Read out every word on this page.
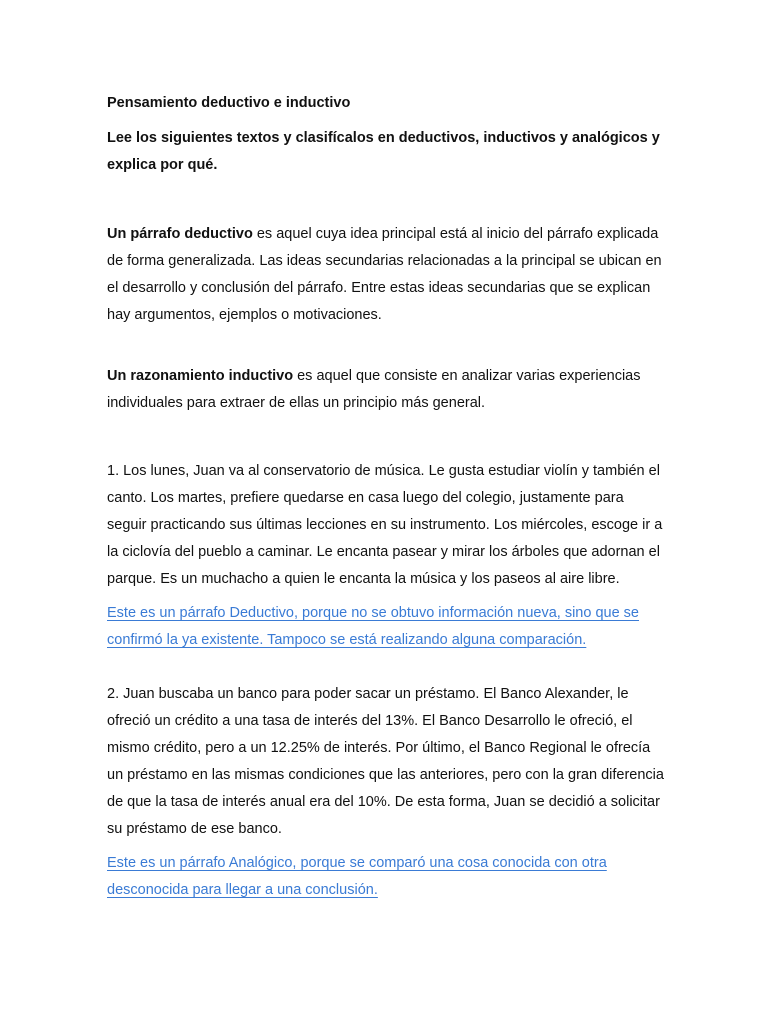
Pensamiento deductivo e inductivo

Lee los siguientes textos y clasifícalos en deductivos, inductivos y analógicos y explica por qué.

Un párrafo deductivo es aquel cuya idea principal está al inicio del párrafo explicada de forma generalizada. Las ideas secundarias relacionadas a la principal se ubican en el desarrollo y conclusión del párrafo. Entre estas ideas secundarias que se explican hay argumentos, ejemplos o motivaciones.

Un razonamiento inductivo es aquel que consiste en analizar varias experiencias individuales para extraer de ellas un principio más general.

1. Los lunes, Juan va al conservatorio de música. Le gusta estudiar violín y también el canto. Los martes, prefiere quedarse en casa luego del colegio, justamente para seguir practicando sus últimas lecciones en su instrumento. Los miércoles, escoge ir a la ciclovía del pueblo a caminar. Le encanta pasear y mirar los árboles que adornan el parque. Es un muchacho a quien le encanta la música y los paseos al aire libre.

Este es un párrafo Deductivo, porque no se obtuvo información nueva, sino que se confirmó la ya existente. Tampoco se está realizando alguna comparación.

2. Juan buscaba un banco para poder sacar un préstamo. El Banco Alexander, le ofreció un crédito a una tasa de interés del 13%. El Banco Desarrollo le ofreció, el mismo crédito, pero a un 12.25% de interés. Por último, el Banco Regional le ofrecía un préstamo en las mismas condiciones que las anteriores, pero con la gran diferencia de que la tasa de interés anual era del 10%. De esta forma, Juan se decidió a solicitar su préstamo de ese banco.

Este es un párrafo Analógico, porque se comparó una cosa conocida con otra desconocida para llegar a una conclusión.
